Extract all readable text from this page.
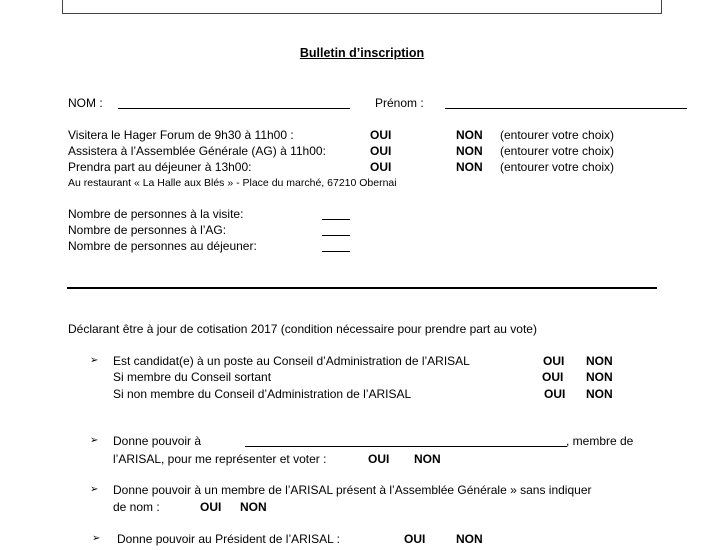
Bulletin d’inscription
NOM :	Prénom :
Visitera le Hager Forum de 9h30 à 11h00 :	OUI	NON (entourer votre choix)
Assistera à l’Assemblée Générale (AG) à 11h00:	OUI	NON (entourer votre choix)
Prendra part au déjeuner à 13h00:	OUI	NON (entourer votre choix)
Au restaurant « La Halle aux Blés » - Place du marché, 67210 Obernai
Nombre de personnes à la visite:
Nombre de personnes à l’AG:
Nombre de personnes au déjeuner:
Déclarant être à jour de cotisation 2017 (condition nécessaire pour prendre part au vote)
➢ Est candidat(e) à un poste au Conseil d’Administration de l’ARISAL	OUI NON
Si membre du Conseil sortant	OUI NON
Si non membre du Conseil d’Administration de l’ARISAL	OUI NON
➢ Donne pouvoir à	, membre de
l’ARISAL, pour me représenter et voter :	OUI NON
➢ Donne pouvoir à un membre de l’ARISAL présent à l’Assemblée Générale » sans indiquer
de nom :	OUI NON
➢ Donne pouvoir au Président de l’ARISAL :	OUI	NON
